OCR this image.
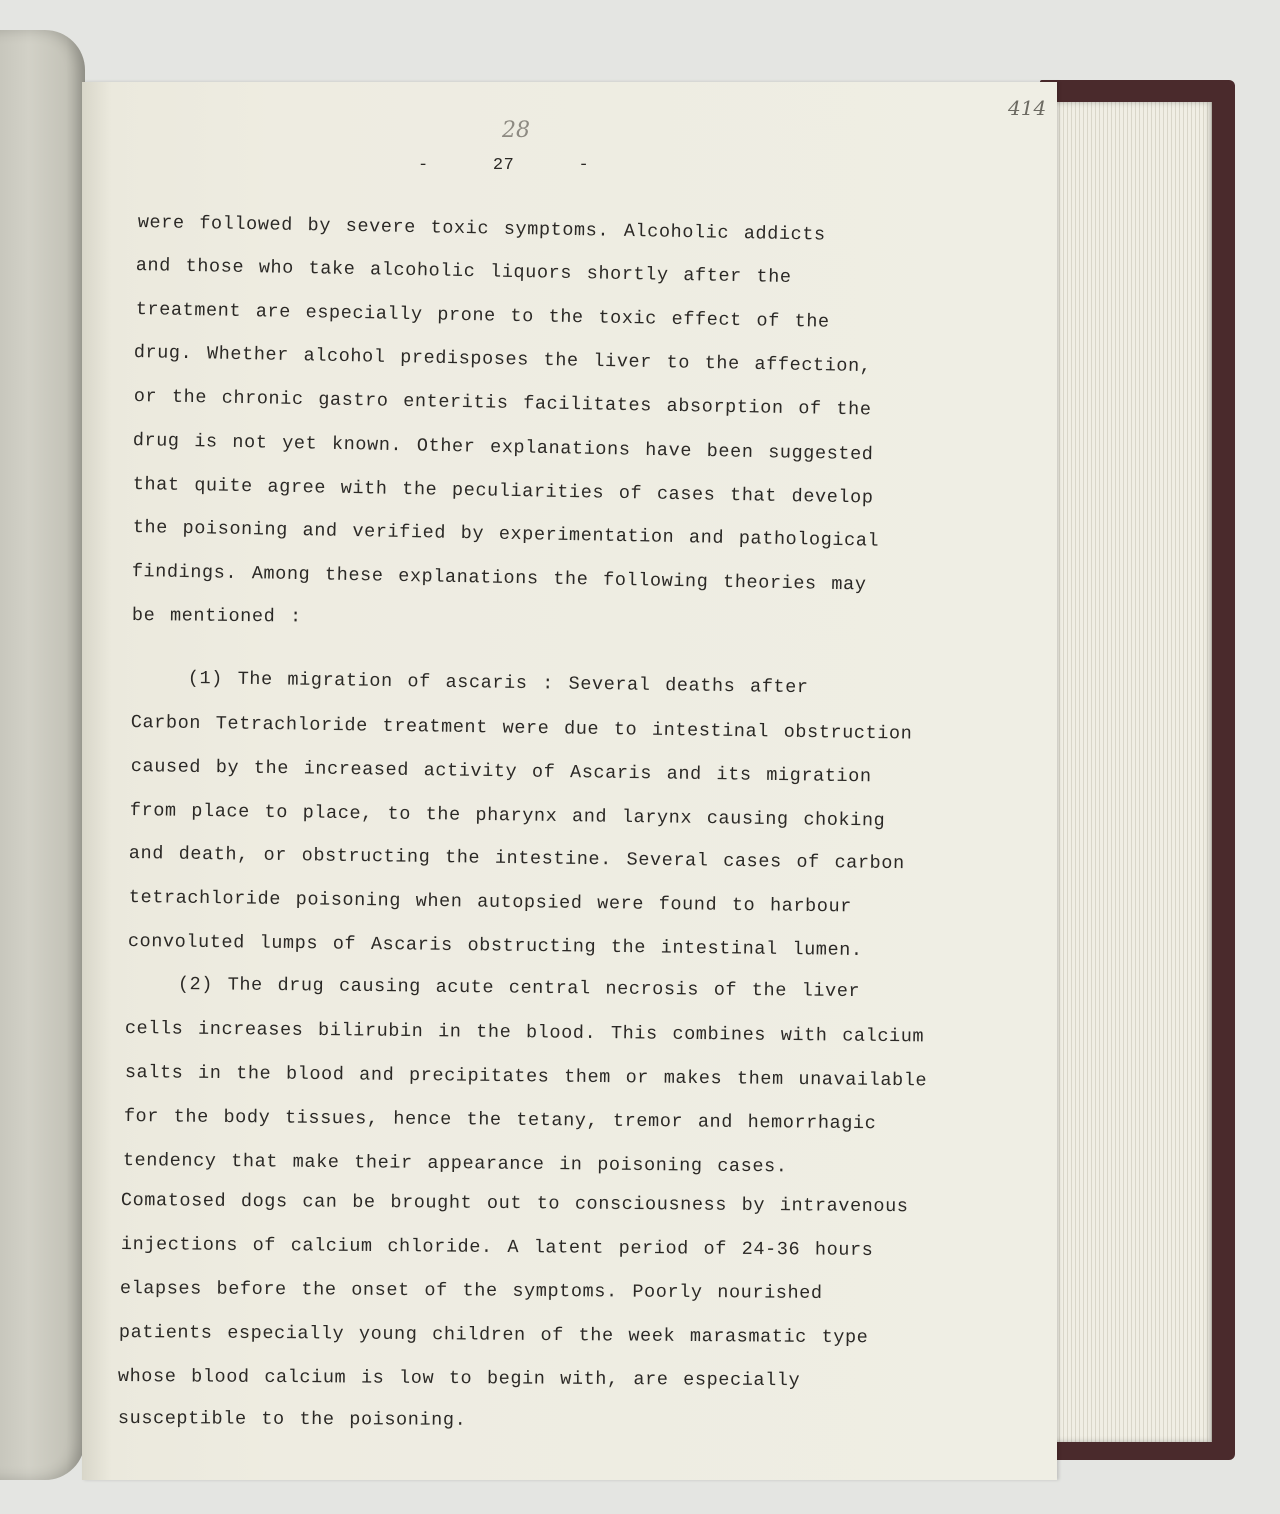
414
28
-      27      -
were followed by severe toxic symptoms. Alcoholic addicts
and those who take alcoholic liquors shortly after the
treatment are especially prone to the toxic effect of the
drug. Whether alcohol predisposes the liver to the affection,
or the chronic gastro enteritis facilitates absorption of the
drug is not yet known. Other explanations have been suggested
that quite agree with the peculiarities of cases that develop
the poisoning and verified by experimentation and pathological
findings. Among these explanations the following theories may
be mentioned :
(1) The migration of ascaris : Several deaths after
Carbon Tetrachloride treatment were due to intestinal obstruction
caused by the increased activity of Ascaris and its migration
from place to place, to the pharynx and larynx causing choking
and death, or obstructing the intestine. Several cases of carbon
tetrachloride poisoning when autopsied were found to harbour
convoluted lumps of Ascaris obstructing the intestinal lumen.
(2) The drug causing acute central necrosis of the liver
cells increases bilirubin in the blood. This combines with calcium
salts in the blood and precipitates them or makes them unavailable
for the body tissues, hence the tetany, tremor and hemorrhagic
tendency that make their appearance in poisoning cases.
Comatosed dogs can be brought out to consciousness by intravenous
injections of calcium chloride. A latent period of 24-36 hours
elapses before the onset of the symptoms. Poorly nourished
patients especially young children of the week marasmatic type
whose blood calcium is low to begin with, are especially
susceptible to the poisoning.
